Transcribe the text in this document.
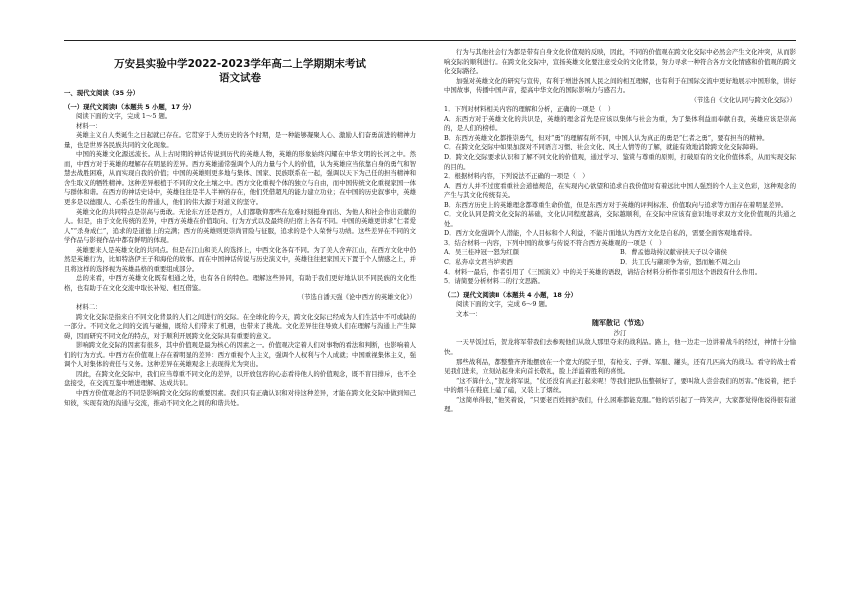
万安县实验中学2022-2023学年高二上学期期末考试
语文试卷
一、现代文阅读（35 分）
（一）现代文阅读Ⅰ（本题共 5 小题，17 分）
阅读下面的文字，完成 1～5 题。
材料一：
英雄主义自人类诞生之日起就已存在。它贯穿于人类历史的各个时期，是一种能够凝聚人心、激励人们奋勇前进的精神力量，也是世界各民族共同的文化现象。
中国的英雄文化源远流长。从上古时期的神话传说到历代的英雄人物，英雄的形象始终闪耀在中华文明的长河之中。然而，中西方对于英雄的理解存在明显的差异。西方英雄通常强调个人的力量与个人的价值，认为英雄应当依靠自身的勇气和智慧去战胜困难，从而实现自我的价值；中国的英雄则更多地与集体、国家、民族联系在一起，强调以天下为己任的担当精神和舍生取义的牺牲精神。这种差异根植于不同的文化土壤之中。西方文化重视个体的独立与自由，而中国传统文化重视家国一体与群体和谐。在西方的神话史诗中，英雄往往是半人半神的存在，他们凭借超凡的能力建立功业；在中国的历史叙事中，英雄更多是以德服人、心系苍生的普通人，他们的伟大源于对道义的坚守。
英雄文化的共同特点是崇高与勇敢。无论东方还是西方，人们都敬仰那些在危难时刻挺身而出、为他人和社会作出贡献的人。但是，由于文化传统的差异，中西方英雄在价值取向、行为方式以及最终的归宿上各有不同。中国的英雄更讲求“仁者爱人”“杀身成仁”，追求的是道德上的完满；西方的英雄则更崇尚冒险与征服，追求的是个人荣誉与功绩。这些差异在不同的文学作品与影视作品中都有鲜明的体现。
英雄要来人是英雄文化的共同点。但是在江山和美人的选择上，中西文化各有不同。为了美人舍弃江山，在西方文化中仍然是英雄行为，比如特洛伊王子和海伦的故事。而在中国神话传说与历史演义中，英雄往往把家国天下置于个人情感之上，并且将这样的选择视为英雄品格的重要组成部分。
总的来看，中西方英雄文化既有相通之处，也有各自的特色。理解这些异同，有助于我们更好地认识不同民族的文化性格，也有助于在文化交流中取长补短、相互借鉴。
（节选自潘天强《论中西方的英雄文化》）
材料二：
跨文化交际是指来自不同文化背景的人们之间进行的交际。在全球化的今天，跨文化交际已经成为人们生活中不可或缺的一部分。不同文化之间的交流与碰撞，既给人们带来了机遇，也带来了挑战。文化差异往往导致人们在理解与沟通上产生障碍，因而研究不同文化的特点，对于顺利开展跨文化交际具有重要的意义。
影响跨文化交际的因素有很多，其中价值观是最为核心的因素之一。价值观决定着人们对事物的看法和判断，也影响着人们的行为方式。中西方在价值观上存在着明显的差异：西方重视个人主义，强调个人权利与个人成就；中国重视集体主义，强调个人对集体的责任与义务。这种差异在英雄观念上表现得尤为突出。
因此，在跨文化交际中，我们应当尊重不同文化的差异，以开放包容的心态看待他人的价值观念，既不盲目排斥，也不全盘接受，在交流互鉴中增进理解、达成共识。
中西方价值观念的不同是影响跨文化交际的重要因素。我们只有正确认识和对待这种差异，才能在跨文化交际中做到知己知彼，实现有效的沟通与交流，推动不同文化之间的和谐共处。
行为与其他社会行为都是带有自身文化价值观的反映，因此，不同的价值观在跨文化交际中必然会产生文化冲突，从而影响交际的顺利进行。在跨文化交际中，宣扬英雄文化要注意受众的文化背景，努力寻求一种符合各方文化情感和价值观的跨文化交际路径。
加强对英雄文化的研究与宣传，有利于增进各国人民之间的相互理解，也有利于在国际交流中更好地展示中国形象，讲好中国故事，传播中国声音，提高中华文化的国际影响力与感召力。
（节选自《文化认同与跨文化交际》）
1．下列对材料相关内容的理解和分析，正确的一项是（　）
A．东西方对于英雄文化的共识是，英雄的理念首先是应该以集体与社会为重，为了集体利益而奉献自我，英雄应该是崇高的，是人们的榜样。
B．东西方英雄文化都推崇勇气，但对“勇”的理解有所不同，中国人认为真正的勇是“仁者之勇”，要有担当的精神。
C．在跨文化交际中如果加深对不同语言习惯、社会文化、风土人情等的了解，就能有效地消除跨文化交际障碍。
D．跨文化交际要求认识和了解不同文化的价值观，通过学习、鉴赏与尊重的原则，打破原有的文化价值体系，从而实现交际的目的。
2．根据材料内容，下列说法不正确的一项是（　）
A．西方人并不过度看重社会道德规范，在实现内心欲望和追求自我价值时有着远比中国人强烈的个人主义色彩，这种观念的产生与其文化传统有关。
B．东西方历史上的英雄理念都尊重生命价值，但是东西方对于英雄的评判标准、价值取向与追求等方面存在着明显差异。
C．文化认同是跨文化交际的基础，文化认同程度越高，交际越顺利，在交际中应该有意识地寻求双方文化价值观的共通之处。
D．西方文化强调个人潜能，个人目标和个人利益，不能片面地认为西方文化是自私的，需要全面客观地看待。
3．结合材料一内容，下列中国的故事与传说不符合西方英雄观的一项是（　）
A．吴三桂冲冠一怒为红颜	B．曹孟德劫持汉献帝挟天子以令诸侯
C．私奔卓文君当垆卖酒	D．共工氏与颛顼争为帝，怒而触不周之山
4．材料一最后，作者引用了《三国演义》中的关于英雄的语段，请结合材料分析作者引用这个语段有什么作用。
5．请简要分析材料二的行文思路。
（二）现代文阅读Ⅱ（本题共 4 小题，18 分）
阅读下面的文字，完成 6～9 题。
文本一：
随军散记（节选）
沙汀
一天早饭过后，贺龙将军带我们去参观他们从敌人那里夺来的战利品。路上，他一边走一边讲着战斗的经过，神情十分愉快。
那些战利品，都整整齐齐地摆放在一个宽大的院子里，有枪支、子弹、军服、罐头，还有几匹高大的战马。看守的战士看见我们进来，立刻站起身来向首长敬礼，脸上洋溢着胜利的喜悦。
“这不算什么，”贺龙将军说，“仗还没有真正打起来呢！等我们把队伍整顿好了，要叫敌人尝尝我们的厉害。”他说着，把手中的烟斗在鞋底上磕了磕，又装上了烟丝。
“这简单得很，”他笑着说，“只要老百姓拥护我们，什么困难都能克服。”他的话引起了一阵笑声，大家都觉得他说得很有道理。
